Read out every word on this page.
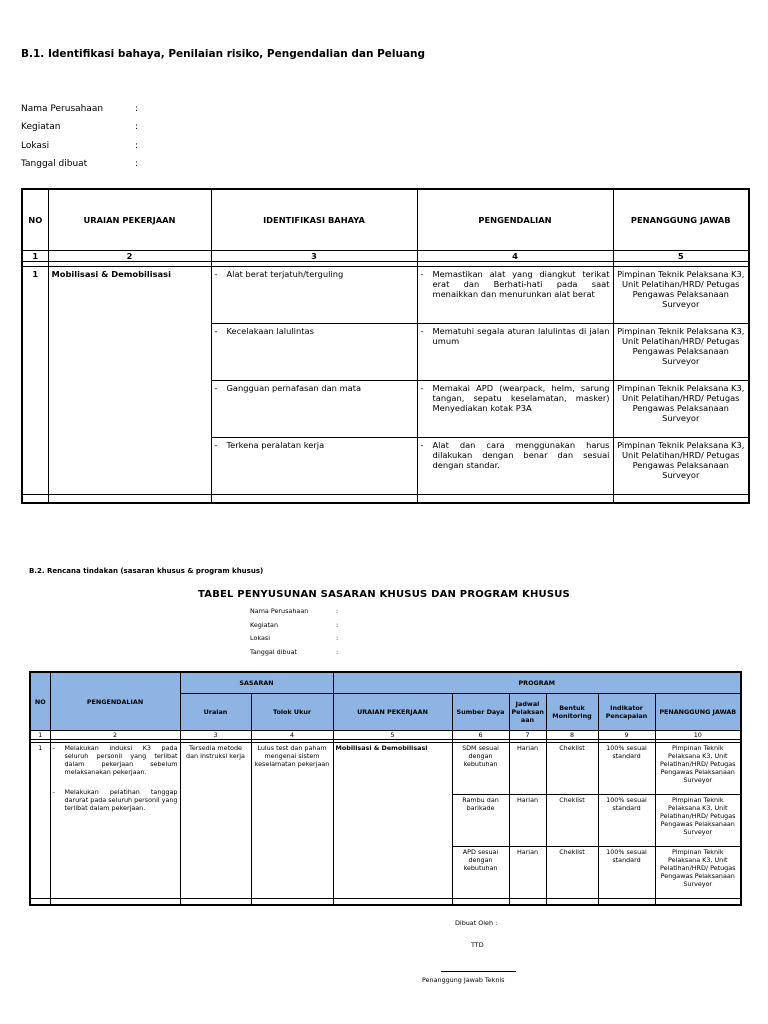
B.1. Identifikasi bahaya, Penilaian risiko, Pengendalian dan Peluang
Nama Perusahaan	:
Kegiatan	:
Lokasi	:
Tanggal dibuat	:
NO	URAIAN PEKERJAAN	IDENTIFIKASI BAHAYA	PENGENDALIAN	PENANGGUNG JAWAB
1	2	3	4	5

1	Mobilisasi & Demobilisasi	- Alat berat terjatuh/terguling	- Memastikan alat yang diangkut terikat erat dan Berhati-hati pada saat menaikkan dan menurunkan alat berat	Pimpinan Teknik Pelaksana K3, Unit Pelatihan/HRD/ Petugas Pengawas Pelaksanaan Surveyor

		- Kecelakaan lalulintas	- Mematuhi segala aturan lalulintas di jalan umum	Pimpinan Teknik Pelaksana K3, Unit Pelatihan/HRD/ Petugas Pengawas Pelaksanaan Surveyor

		- Gangguan pernafasan dan mata	- Memakai APD (wearpack, helm, sarung tangan, sepatu keselamatan, masker) Menyediakan kotak P3A	Pimpinan Teknik Pelaksana K3, Unit Pelatihan/HRD/ Petugas Pengawas Pelaksanaan Surveyor

		- Terkena peralatan kerja	- Alat dan cara menggunakan harus dilakukan dengan benar dan sesuai dengan standar.	Pimpinan Teknik Pelaksana K3, Unit Pelatihan/HRD/ Petugas Pengawas Pelaksanaan Surveyor

B.2. Rencana tindakan (sasaran khusus & program khusus)
TABEL PENYUSUNAN SASARAN KHUSUS DAN PROGRAM KHUSUS
Nama Perusahaan	:
Kegiatan	:
Lokasi	:
Tanggal dibuat	:
NO	PENGENDALIAN	SASARAN		PROGRAM					
		Uraian	Tolok Ukur	URAIAN PEKERJAAN	Sumber Daya	Jadwal Pelaksan aan	Bentuk Monitoring	Indikator Pencapaian	PENANGGUNG JAWAB
1	2	3	4	5	6	7	8	9	10

1	- Melakukan induksi K3 pada seluruh personil yang terlibat dalam pekerjaan sebelum melaksanakan pekerjaan.
- Melakukan pelatihan tanggap darurat pada seluruh personil yang terlibat dalam pekerjaan.	Tersedia metode dan instruksi kerja	Lulus test dan paham mengenai sistem keselamatan pekerjaan	Mobilisasi & Demobilisasi	SDM sesuai dengan kebutuhan	Harian	Cheklist	100% sesuai standard	Pimpinan Teknik Pelaksana K3, Unit Pelatihan/HRD/ Petugas Pengawas Pelaksanaan Surveyor
					Rambu dan barikade	Harian	Cheklist	100% sesuai standard	Pimpinan Teknik Pelaksana K3, Unit Pelatihan/HRD/ Petugas Pengawas Pelaksanaan Surveyor
					APD sesuai dengan kebutuhan	Harian	Cheklist	100% sesuai standard	Pimpinan Teknik Pelaksana K3, Unit Pelatihan/HRD/ Petugas Pengawas Pelaksanaan Surveyor

Dibuat Oleh :
TTD
Penanggung Jawab Teknis
